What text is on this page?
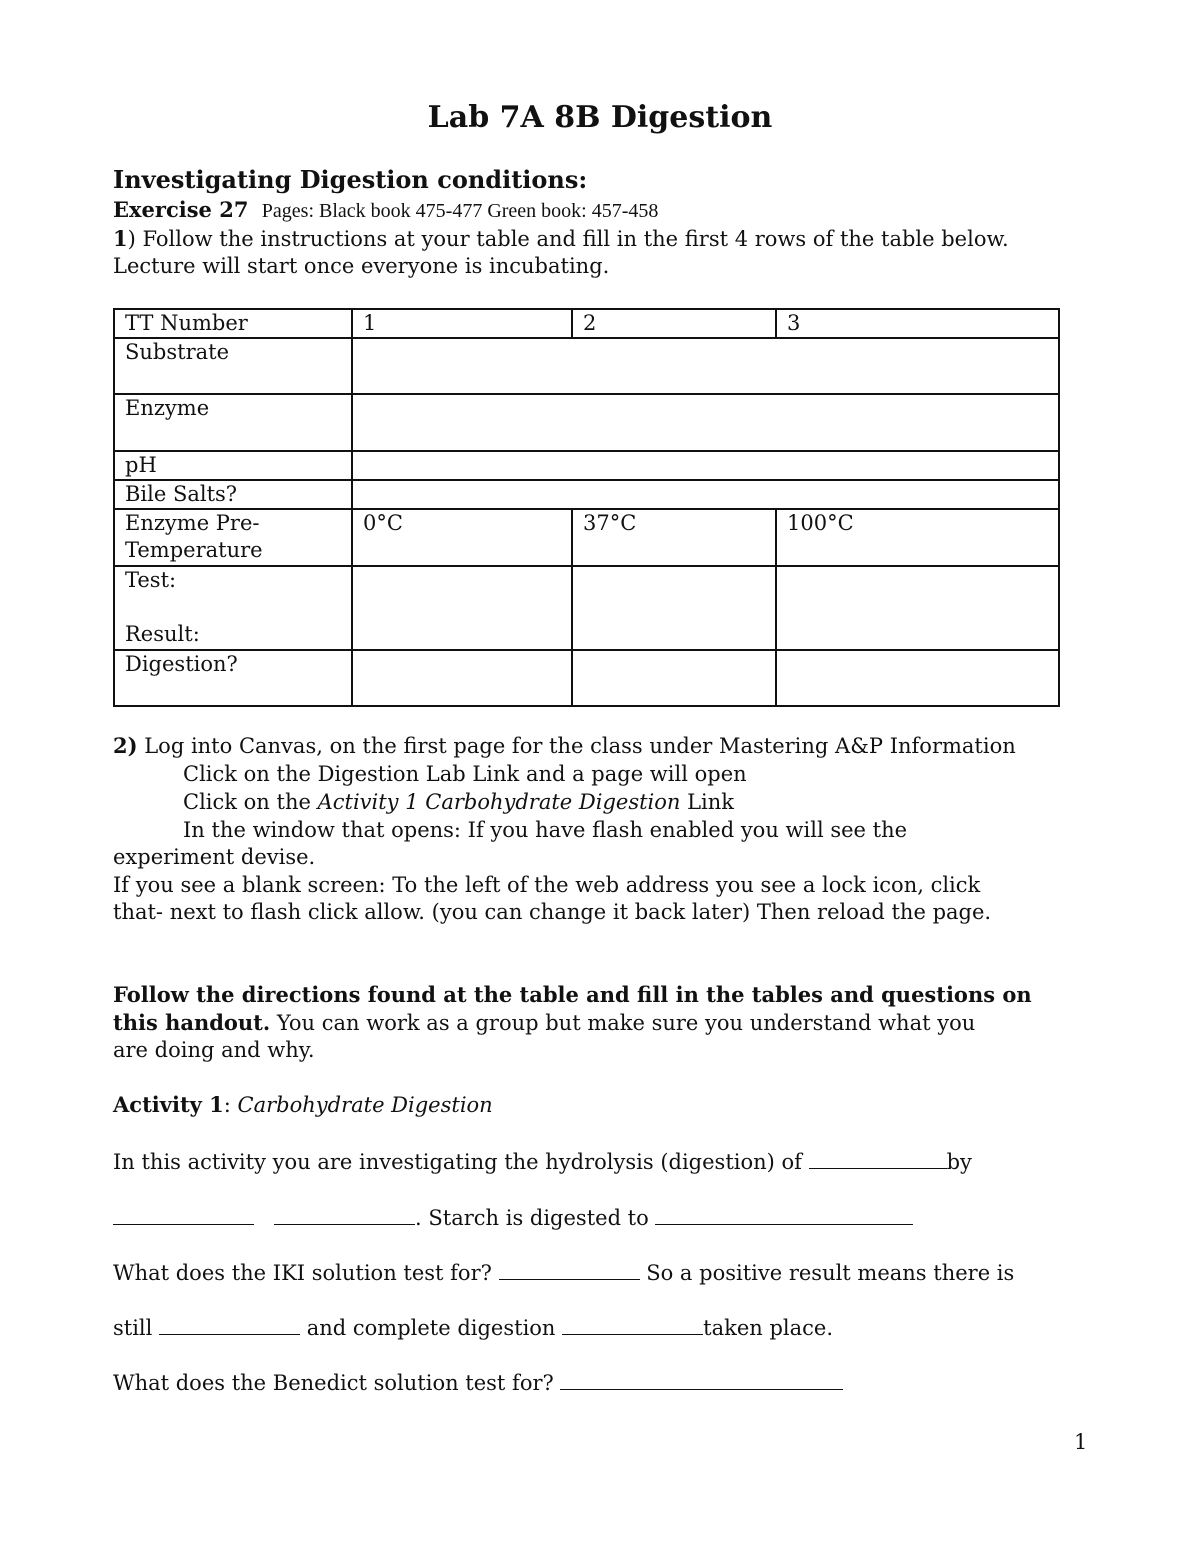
Lab 7A 8B Digestion
Investigating Digestion conditions:
Exercise 27 Pages: Black book 475-477 Green book: 457-458
1) Follow the instructions at your table and fill in the first 4 rows of the table below.
Lecture will start once everyone is incubating.
TT Number	1	2	3
Substrate			
Enzyme			
pH			
Bile Salts?			
Enzyme Pre-
Temperature	0°C	37°C	100°C
Test:

Result:			
Digestion?			
2) Log into Canvas, on the first page for the class under Mastering A&P Information
Click on the Digestion Lab Link and a page will open
Click on the Activity 1 Carbohydrate Digestion Link
In the window that opens: If you have flash enabled you will see the
experiment devise.
If you see a blank screen: To the left of the web address you see a lock icon, click
that- next to flash click allow. (you can change it back later) Then reload the page.
Follow the directions found at the table and fill in the tables and questions on
this handout. You can work as a group but make sure you understand what you
are doing and why.
Activity 1: Carbohydrate Digestion
In this activity you are investigating the hydrolysis (digestion) of	by
. Starch is digested to
What does the IKI solution test for?	So a positive result means there is
still	and complete digestion	taken place.
What does the Benedict solution test for?
1
